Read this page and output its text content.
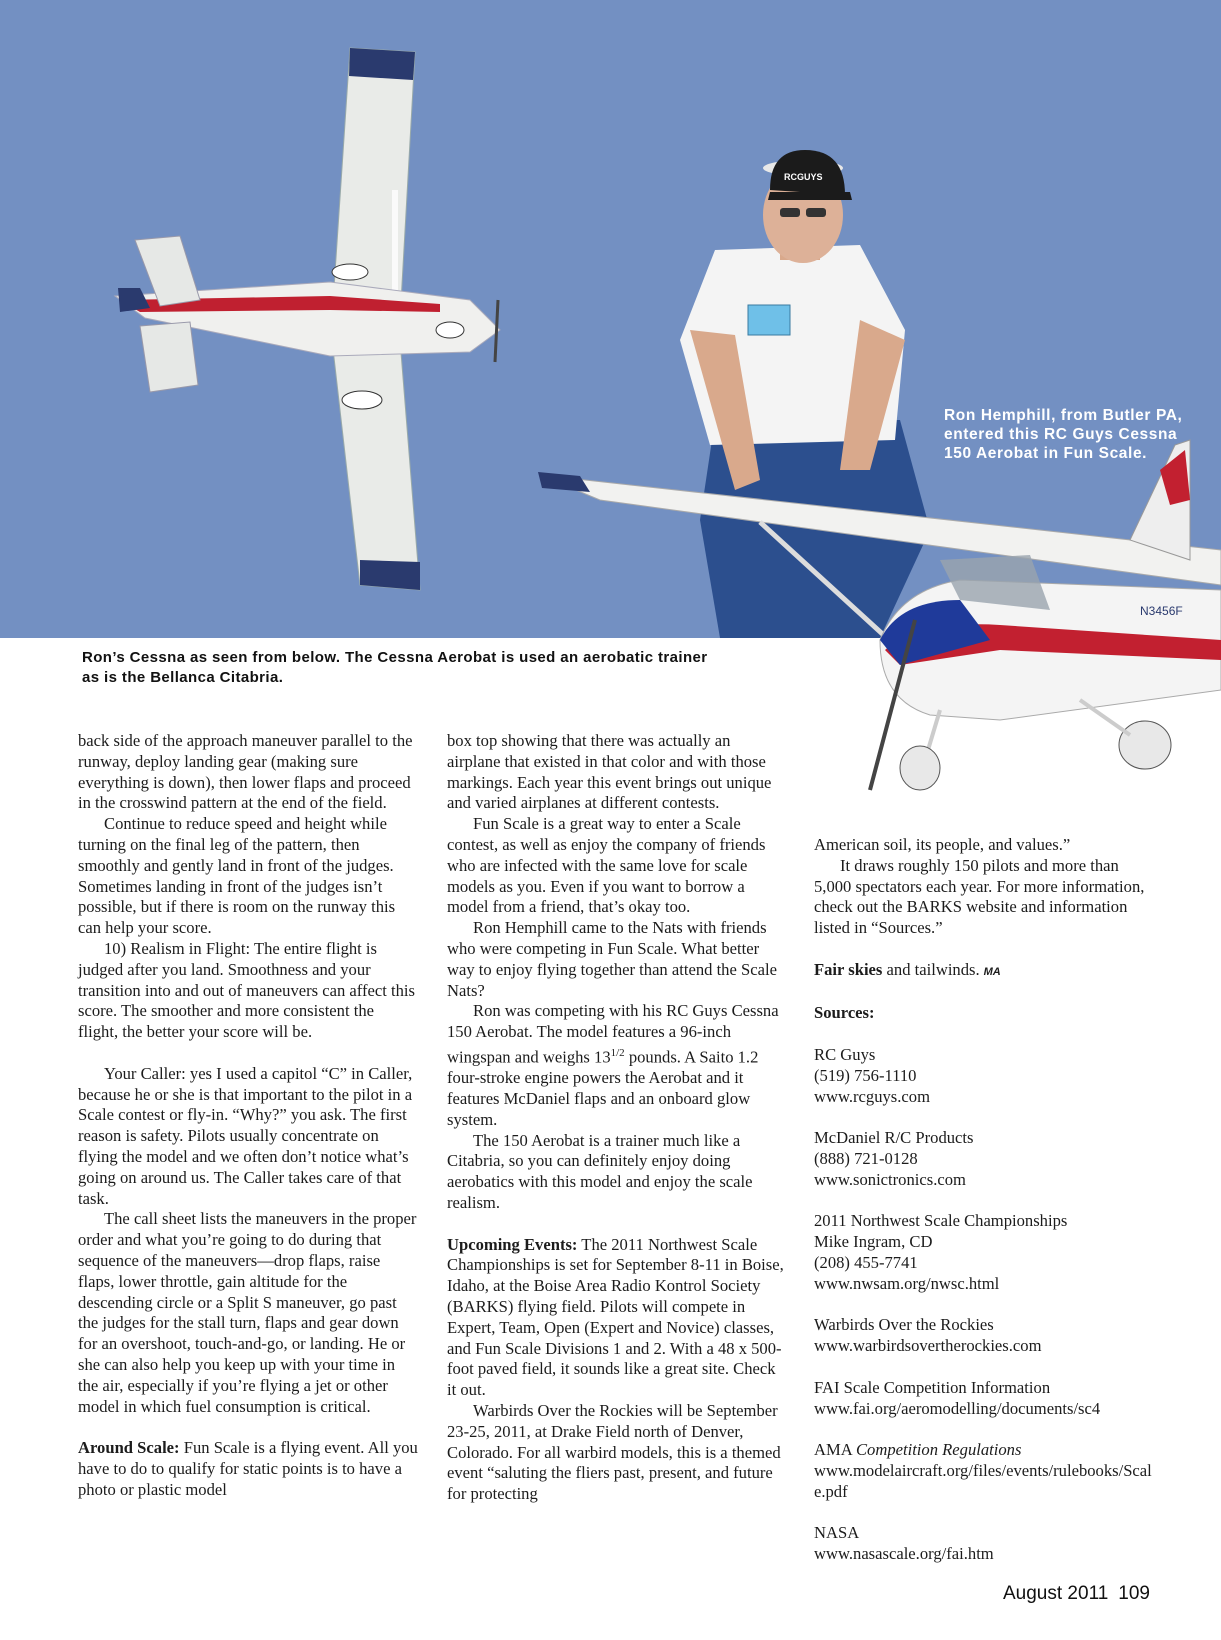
RCGUYS
N3456F
Ron Hemphill, from Butler PA, entered this RC Guys Cessna 150 Aerobat in Fun Scale.
Ron’s Cessna as seen from below. The Cessna Aerobat is used an aerobatic trainer as is the Bellanca Citabria.

back side of the approach maneuver parallel to the runway, deploy landing gear (making sure everything is down), then lower flaps and proceed in the crosswind pattern at the end of the field.

Continue to reduce speed and height while turning on the final leg of the pattern, then smoothly and gently land in front of the judges. Sometimes landing in front of the judges isn’t possible, but if there is room on the runway this can help your score.

10) Realism in Flight: The entire flight is judged after you land. Smoothness and your transition into and out of maneuvers can affect this score. The smoother and more consistent the flight, the better your score will be.

Your Caller: yes I used a capitol “C” in Caller, because he or she is that important to the pilot in a Scale contest or fly-in. “Why?” you ask. The first reason is safety. Pilots usually concentrate on flying the model and we often don’t notice what’s going on around us. The Caller takes care of that task.

The call sheet lists the maneuvers in the proper order and what you’re going to do during that sequence of the maneuvers—drop flaps, raise flaps, lower throttle, gain altitude for the descending circle or a Split S maneuver, go past the judges for the stall turn, flaps and gear down for an overshoot, touch-and-go, or landing. He or she can also help you keep up with your time in the air, especially if you’re flying a jet or other model in which fuel consumption is critical.

Around Scale: Fun Scale is a flying event. All you have to do to qualify for static points is to have a photo or plastic model

box top showing that there was actually an airplane that existed in that color and with those markings. Each year this event brings out unique and varied airplanes at different contests.

Fun Scale is a great way to enter a Scale contest, as well as enjoy the company of friends who are infected with the same love for scale models as you. Even if you want to borrow a model from a friend, that’s okay too.

Ron Hemphill came to the Nats with friends who were competing in Fun Scale. What better way to enjoy flying together than attend the Scale Nats?

Ron was competing with his RC Guys Cessna 150 Aerobat. The model features a 96-inch wingspan and weighs $13^{1/2}$ pounds. A Saito 1.2 four-stroke engine powers the Aerobat and it features McDaniel flaps and an onboard glow system.

The 150 Aerobat is a trainer much like a Citabria, so you can definitely enjoy doing aerobatics with this model and enjoy the scale realism.

Upcoming Events: The 2011 Northwest Scale Championships is set for September 8-11 in Boise, Idaho, at the Boise Area Radio Kontrol Society (BARKS) flying field. Pilots will compete in Expert, Team, Open (Expert and Novice) classes, and Fun Scale Divisions 1 and 2. With a 48 x 500-foot paved field, it sounds like a great site. Check it out.

Warbirds Over the Rockies will be September 23-25, 2011, at Drake Field north of Denver, Colorado. For all warbird models, this is a themed event “saluting the fliers past, present, and future for protecting

American soil, its people, and values.”

It draws roughly 150 pilots and more than 5,000 spectators each year. For more information, check out the BARKS website and information listed in “Sources.”

Fair skies and tailwinds. MA

Sources:

RC Guys

(519) 756-1110

www.rcguys.com

McDaniel R/C Products

(888) 721-0128

www.sonictronics.com

2011 Northwest Scale Championships

Mike Ingram, CD

(208) 455-7741

www.nwsam.org/nwsc.html

Warbirds Over the Rockies

www.warbirdsovertherockies.com

FAI Scale Competition Information

www.fai.org/aeromodelling/documents/sc4

AMA Competition Regulations

www.modelaircraft.org/files/events/rulebooks/Scale.pdf

NASA

www.nasascale.org/fai.htm

August 2011 109
